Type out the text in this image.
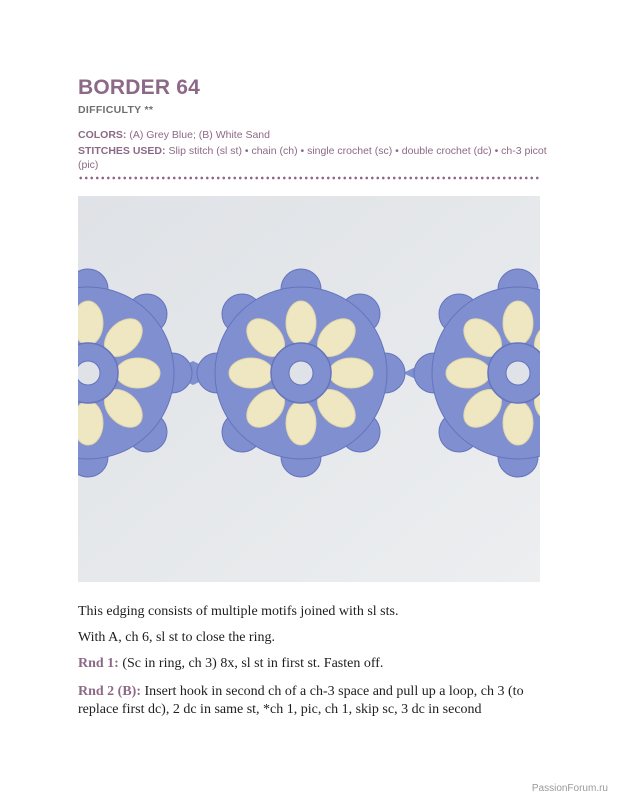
BORDER 64
DIFFICULTY **
COLORS: (A) Grey Blue; (B) White Sand
STITCHES USED: Slip stitch (sl st) • chain (ch) • single crochet (sc) • double crochet (dc) • ch-3 picot (pic)
This edging consists of multiple motifs joined with sl sts.
With A, ch 6, sl st to close the ring.
Rnd 1: (Sc in ring, ch 3) 8x, sl st in first st. Fasten off.
Rnd 2 (B): Insert hook in second ch of a ch-3 space and pull up a loop, ch 3 (to replace first dc), 2 dc in same st, *ch 1, pic, ch 1, skip sc, 3 dc in second
PassionForum.ru
